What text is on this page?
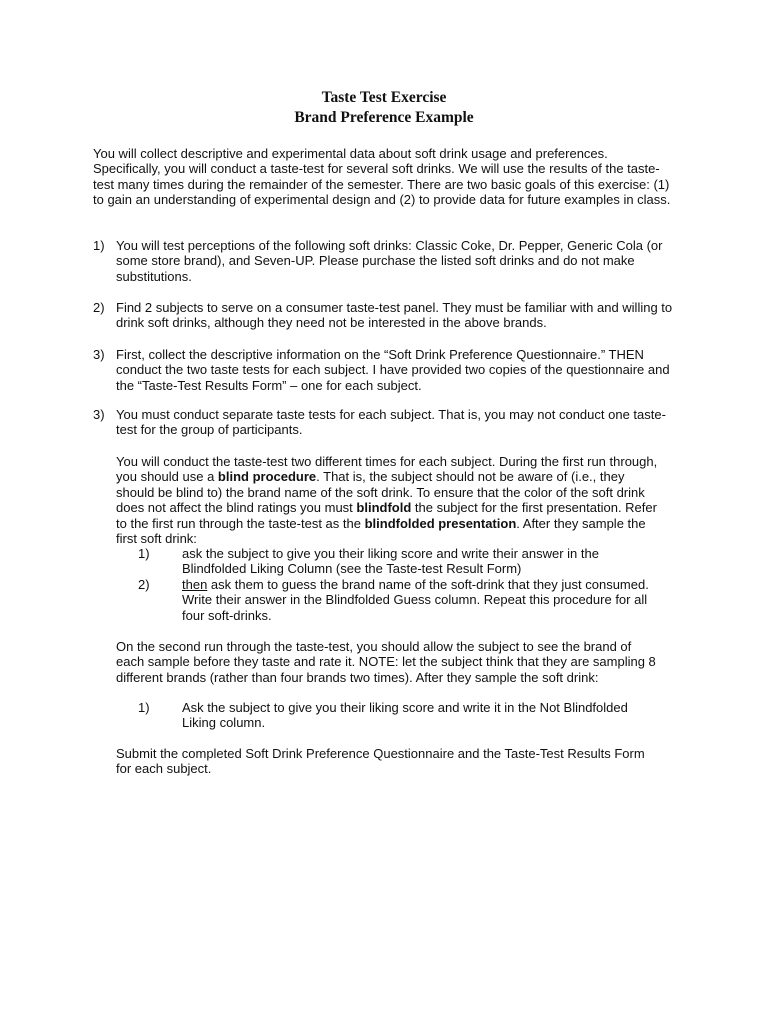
Taste Test Exercise
Brand Preference Example
You will collect descriptive and experimental data about soft drink usage and preferences. Specifically, you will conduct a taste-test for several soft drinks. We will use the results of the taste-test many times during the remainder of the semester. There are two basic goals of this exercise: (1) to gain an understanding of experimental design and (2) to provide data for future examples in class.
1) You will test perceptions of the following soft drinks: Classic Coke, Dr. Pepper, Generic Cola (or some store brand), and Seven-UP. Please purchase the listed soft drinks and do not make substitutions.
2) Find 2 subjects to serve on a consumer taste-test panel. They must be familiar with and willing to drink soft drinks, although they need not be interested in the above brands.
3) First, collect the descriptive information on the “Soft Drink Preference Questionnaire.” THEN conduct the two taste tests for each subject. I have provided two copies of the questionnaire and the “Taste-Test Results Form” – one for each subject.
3) You must conduct separate taste tests for each subject. That is, you may not conduct one taste-test for the group of participants.
You will conduct the taste-test two different times for each subject. During the first run through, you should use a blind procedure. That is, the subject should not be aware of (i.e., they should be blind to) the brand name of the soft drink. To ensure that the color of the soft drink does not affect the blind ratings you must blindfold the subject for the first presentation. Refer to the first run through the taste-test as the blindfolded presentation. After they sample the first soft drink:
1)	ask the subject to give you their liking score and write their answer in the Blindfolded Liking Column (see the Taste-test Result Form)
2)	then ask them to guess the brand name of the soft-drink that they just consumed. Write their answer in the Blindfolded Guess column. Repeat this procedure for all four soft-drinks.
On the second run through the taste-test, you should allow the subject to see the brand of each sample before they taste and rate it. NOTE: let the subject think that they are sampling 8 different brands (rather than four brands two times). After they sample the soft drink:
1)	Ask the subject to give you their liking score and write it in the Not Blindfolded Liking column.
Submit the completed Soft Drink Preference Questionnaire and the Taste-Test Results Form for each subject.
